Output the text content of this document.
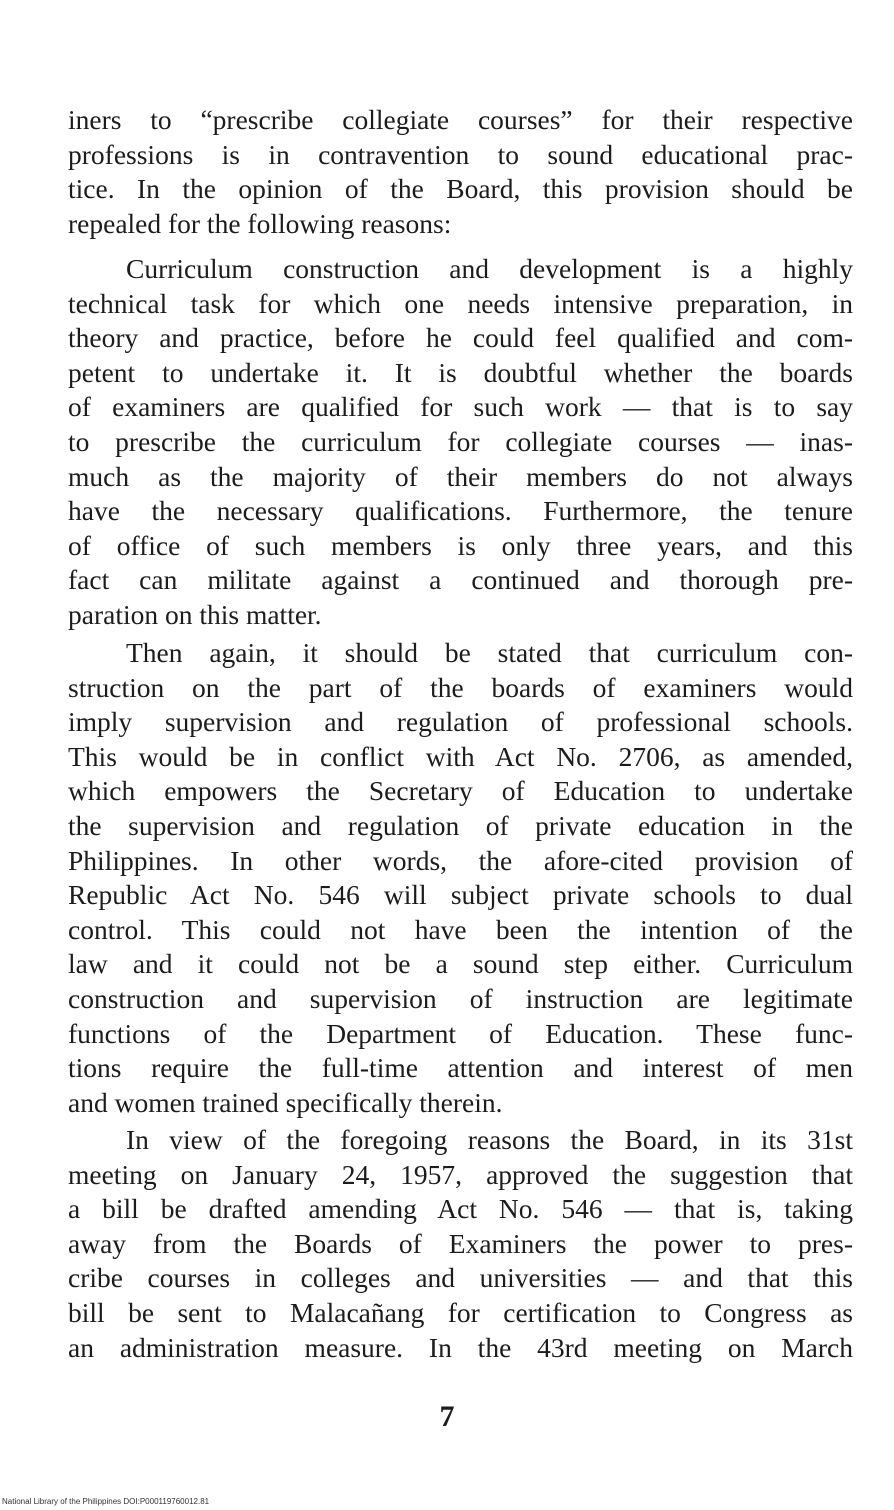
iners to “prescribe collegiate courses” for their respective
professions is in contravention to sound educational prac-
tice. In the opinion of the Board, this provision should be
repealed for the following reasons:
Curriculum construction and development is a highly
technical task for which one needs intensive preparation, in
theory and practice, before he could feel qualified and com-
petent to undertake it. It is doubtful whether the boards
of examiners are qualified for such work — that is to say
to prescribe the curriculum for collegiate courses — inas-
much as the majority of their members do not always
have the necessary qualifications. Furthermore, the tenure
of office of such members is only three years, and this
fact can militate against a continued and thorough pre-
paration on this matter.
Then again, it should be stated that curriculum con-
struction on the part of the boards of examiners would
imply supervision and regulation of professional schools.
This would be in conflict with Act No. 2706, as amended,
which empowers the Secretary of Education to undertake
the supervision and regulation of private education in the
Philippines. In other words, the afore-cited provision of
Republic Act No. 546 will subject private schools to dual
control. This could not have been the intention of the
law and it could not be a sound step either. Curriculum
construction and supervision of instruction are legitimate
functions of the Department of Education. These func-
tions require the full-time attention and interest of men
and women trained specifically therein.
In view of the foregoing reasons the Board, in its 31st
meeting on January 24, 1957, approved the suggestion that
a bill be drafted amending Act No. 546 — that is, taking
away from the Boards of Examiners the power to pres-
cribe courses in colleges and universities — and that this
bill be sent to Malacañang for certification to Congress as
an administration measure. In the 43rd meeting on March
7
National Library of the Philippines DOI:P000119760012.81
